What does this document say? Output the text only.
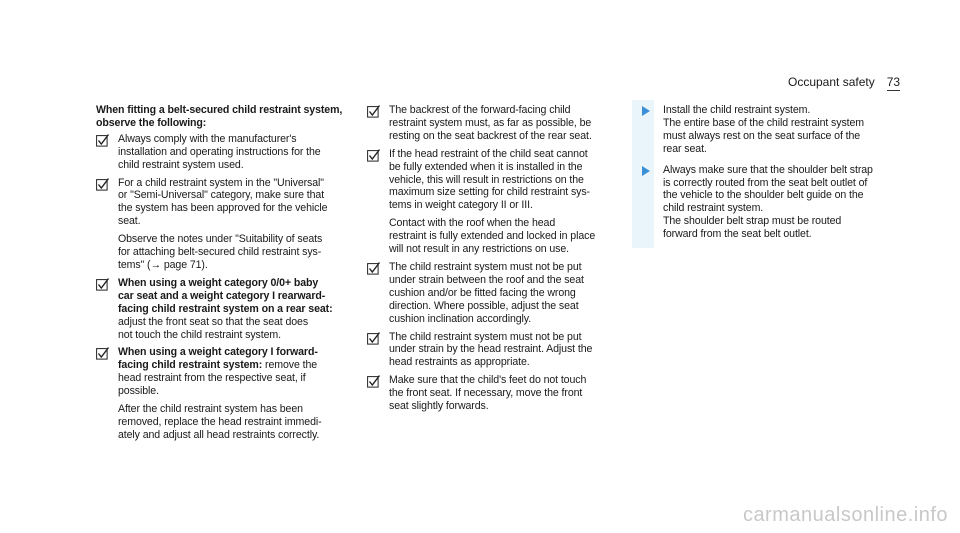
Occupant safety 73

When fitting a belt-secured child restraint system,
observe the following:

Always comply with the manufacturer's
installation and operating instructions for the
child restraint system used.

For a child restraint system in the "Universal"
or "Semi-Universal" category, make sure that
the system has been approved for the vehicle
seat.

Observe the notes under "Suitability of seats
for attaching belt-secured child restraint sys-
tems" (→ page 71).

When using a weight category 0/0+ baby
car seat and a weight category I rearward-
facing child restraint system on a rear seat:
adjust the front seat so that the seat does
not touch the child restraint system.

When using a weight category I forward-
facing child restraint system: remove the
head restraint from the respective seat, if
possible.

After the child restraint system has been
removed, replace the head restraint immedi-
ately and adjust all head restraints correctly.

The backrest of the forward-facing child
restraint system must, as far as possible, be
resting on the seat backrest of the rear seat.

If the head restraint of the child seat cannot
be fully extended when it is installed in the
vehicle, this will result in restrictions on the
maximum size setting for child restraint sys-
tems in weight category II or III.

Contact with the roof when the head
restraint is fully extended and locked in place
will not result in any restrictions on use.

The child restraint system must not be put
under strain between the roof and the seat
cushion and/or be fitted facing the wrong
direction. Where possible, adjust the seat
cushion inclination accordingly.

The child restraint system must not be put
under strain by the head restraint. Adjust the
head restraints as appropriate.

Make sure that the child's feet do not touch
the front seat. If necessary, move the front
seat slightly forwards.

Install the child restraint system.
The entire base of the child restraint system
must always rest on the seat surface of the
rear seat.

Always make sure that the shoulder belt strap
is correctly routed from the seat belt outlet of
the vehicle to the shoulder belt guide on the
child restraint system.
The shoulder belt strap must be routed
forward from the seat belt outlet.

carmanualsonline.info
